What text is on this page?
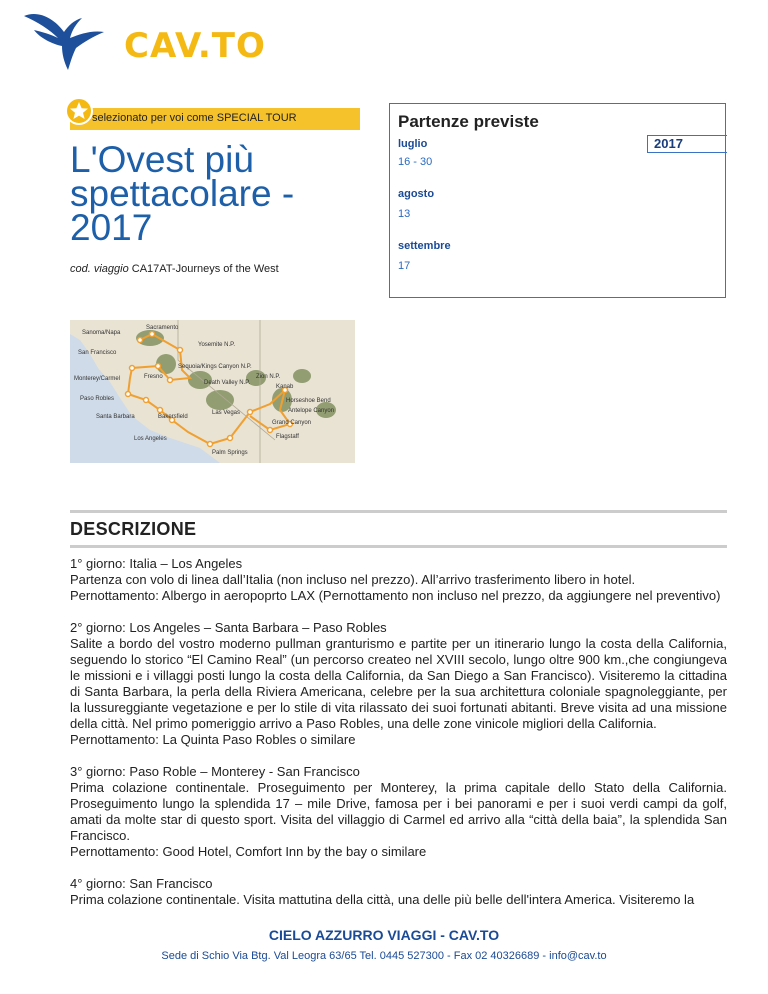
CAV.TO
selezionato per voi come SPECIAL TOUR
L'Ovest più spettacolare - 2017
cod. viaggio CA17AT-Journeys of the West
Partenze previste
2017
luglio
16 - 30
agosto
13
settembre
17
Sanoma/Napa
Sacramento
Yosemite N.P.
San Francisco
Sequoia/Kings Canyon N.P.
Monterey/Carmel	Fresno
Death Valley N.P.
Zion N.P.
Kanab
Paso Robles	Horseshoe Bend
Antelope Canyon
Santa Barbara	Bakersfield
Las Vegas
Grand Canyon
Los Angeles	Flagstaff
Palm Springs
DESCRIZIONE

1° giorno: Italia – Los Angeles

Partenza con volo di linea dall’Italia (non incluso nel prezzo). All’arrivo trasferimento libero in hotel.

Pernottamento: Albergo in aeropoprto LAX (Pernottamento non incluso nel prezzo, da aggiungere nel preventivo)

2° giorno: Los Angeles – Santa Barbara – Paso Robles

Salite a bordo del vostro moderno pullman granturismo e partite per un itinerario lungo la costa della California, seguendo lo storico “El Camino Real” (un percorso createo nel XVIII secolo, lungo oltre 900 km.,che congiungeva le missioni e i villaggi posti lungo la costa della California, da San Diego a San Francisco). Visiteremo la cittadina di Santa Barbara, la perla della Riviera Americana, celebre per la sua architettura coloniale spagnoleggiante, per la lussureggiante vegetazione e per lo stile di vita rilassato dei suoi fortunati abitanti. Breve visita ad una missione della città. Nel primo pomeriggio arrivo a Paso Robles, una delle zone vinicole migliori della California.

Pernottamento: La Quinta Paso Robles o similare

3° giorno: Paso Roble – Monterey - San Francisco

Prima colazione continentale. Proseguimento per Monterey, la prima capitale dello Stato della California. Proseguimento lungo la splendida 17 – mile Drive, famosa per i bei panorami e per i suoi verdi campi da golf, amati da molte star di questo sport. Visita del villaggio di Carmel ed arrivo alla “città della baia”, la splendida San Francisco.

Pernottamento: Good Hotel, Comfort Inn by the bay o similare

4° giorno: San Francisco

Prima colazione continentale. Visita mattutina della città, una delle più belle dell'intera America. Visiteremo la

CIELO AZZURRO VIAGGI - CAV.TO
Sede di Schio Via Btg. Val Leogra 63/65 Tel. 0445 527300 - Fax 02 40326689 - info@cav.to
